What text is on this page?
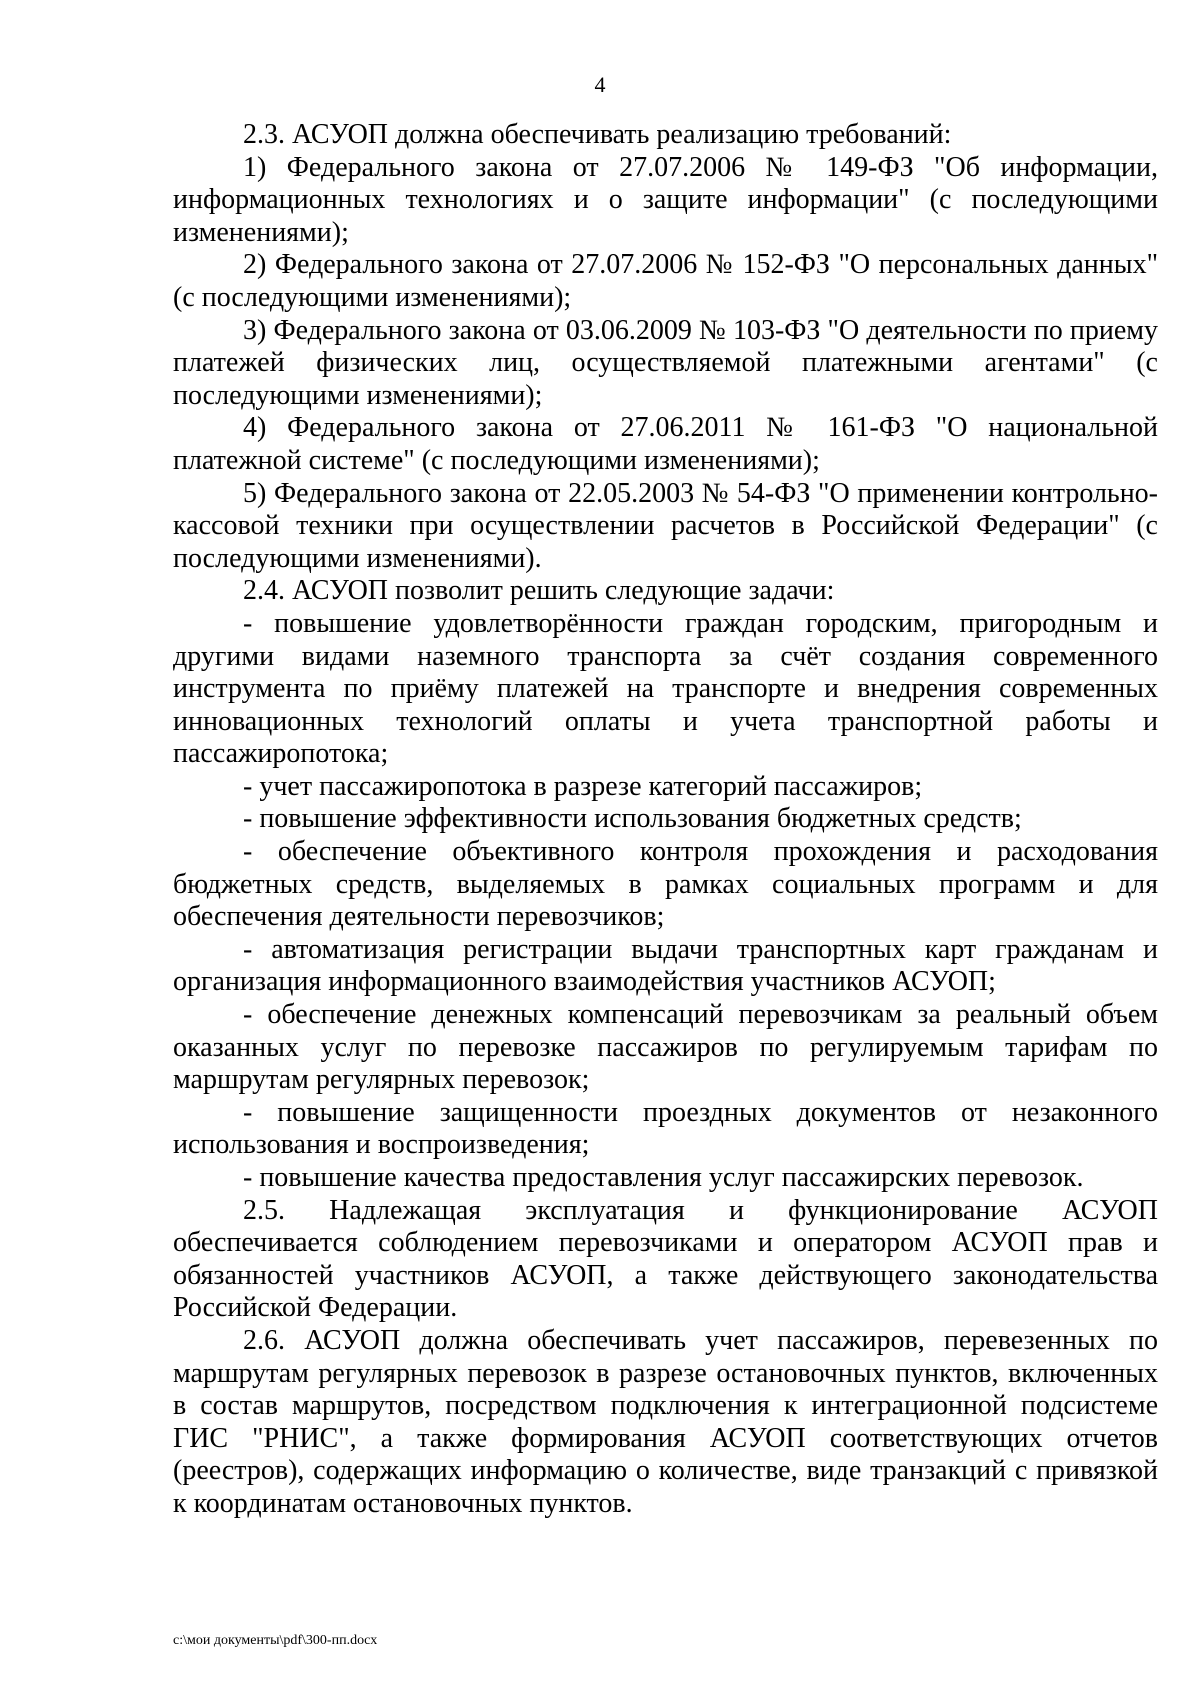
4

2.3. АСУОП должна обеспечивать реализацию требований:

1) Федерального закона от 27.07.2006 № 149-ФЗ "Об информации, информационных технологиях и о защите информации" (с последующими изменениями);

2) Федерального закона от 27.07.2006 № 152-ФЗ "О персональных данных" (с последующими изменениями);

3) Федерального закона от 03.06.2009 № 103-ФЗ "О деятельности по приему платежей физических лиц, осуществляемой платежными агентами" (с последующими изменениями);

4) Федерального закона от 27.06.2011 № 161-ФЗ "О национальной платежной системе" (с последующими изменениями);

5) Федерального закона от 22.05.2003 № 54-ФЗ "О применении контрольно-кассовой техники при осуществлении расчетов в Российской Федерации" (с последующими изменениями).

2.4. АСУОП позволит решить следующие задачи:

- повышение удовлетворённости граждан городским, пригородным и другими видами наземного транспорта за счёт создания современного инструмента по приёму платежей на транспорте и внедрения современных инновационных технологий оплаты и учета транспортной работы и пассажиропотока;

- учет пассажиропотока в разрезе категорий пассажиров;

- повышение эффективности использования бюджетных средств;

- обеспечение объективного контроля прохождения и расходования бюджетных средств, выделяемых в рамках социальных программ и для обеспечения деятельности перевозчиков;

- автоматизация регистрации выдачи транспортных карт гражданам и организация информационного взаимодействия участников АСУОП;

- обеспечение денежных компенсаций перевозчикам за реальный объем оказанных услуг по перевозке пассажиров по регулируемым тарифам по маршрутам регулярных перевозок;

- повышение защищенности проездных документов от незаконного использования и воспроизведения;

- повышение качества предоставления услуг пассажирских перевозок.

2.5. Надлежащая эксплуатация и функционирование АСУОП обеспечивается соблюдением перевозчиками и оператором АСУОП прав и обязанностей участников АСУОП, а также действующего законодательства Российской Федерации.

2.6. АСУОП должна обеспечивать учет пассажиров, перевезенных по маршрутам регулярных перевозок в разрезе остановочных пунктов, включенных в состав маршрутов, посредством подключения к интеграционной подсистеме ГИС "РНИС", а также формирования АСУОП соответствующих отчетов (реестров), содержащих информацию о количестве, виде транзакций с привязкой к координатам остановочных пунктов.

c:\мои документы\pdf\300-пп.docx
